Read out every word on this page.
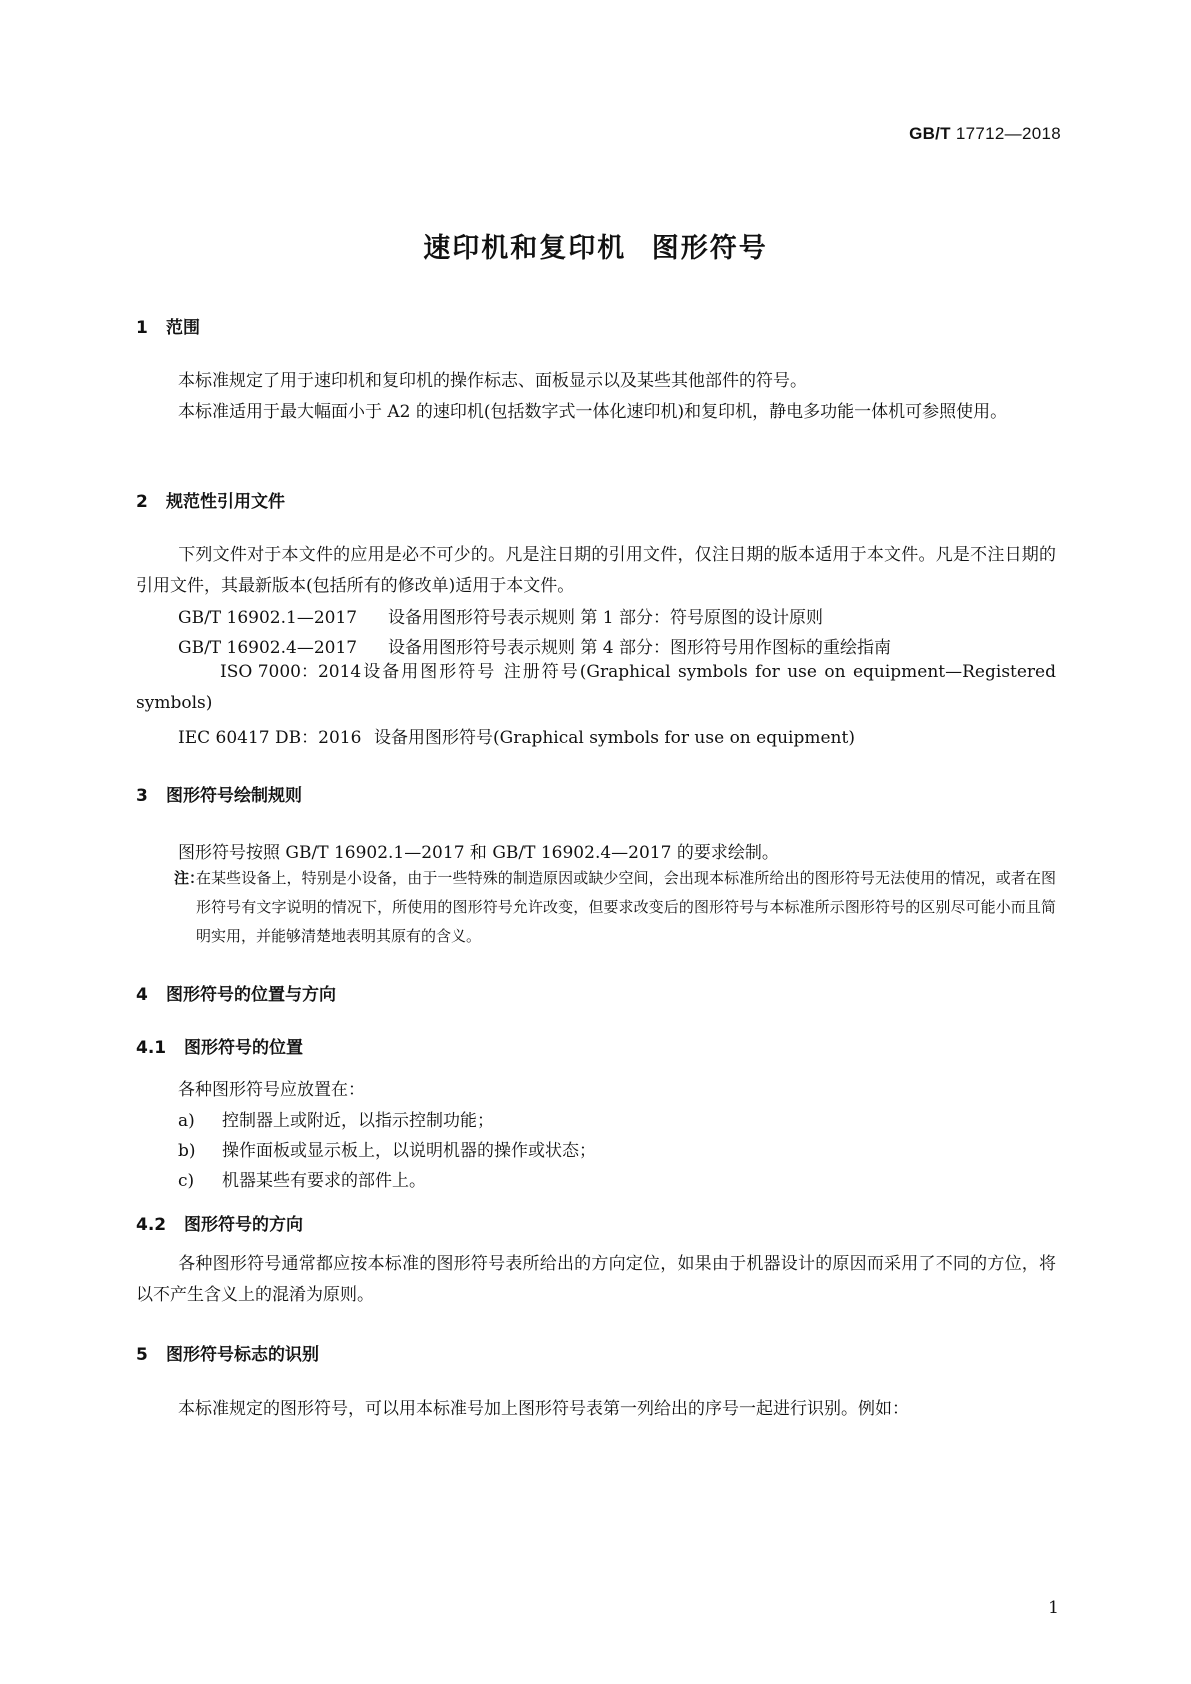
GB/T 17712—2018
速印机和复印机 图形符号
1 范围
本标准规定了用于速印机和复印机的操作标志、面板显示以及某些其他部件的符号。
本标准适用于最大幅面小于 A2 的速印机(包括数字式一体化速印机)和复印机，静电多功能一体机可参照使用。
2 规范性引用文件
下列文件对于本文件的应用是必不可少的。凡是注日期的引用文件，仅注日期的版本适用于本文件。凡是不注日期的引用文件，其最新版本(包括所有的修改单)适用于本文件。
GB/T 16902.1—2017 设备用图形符号表示规则 第 1 部分：符号原图的设计原则
GB/T 16902.4—2017 设备用图形符号表示规则 第 4 部分：图形符号用作图标的重绘指南
ISO 7000：2014设备用图形符号 注册符号(Graphical symbols for use on equipment—Registered symbols)
IEC 60417 DB：2016 设备用图形符号(Graphical symbols for use on equipment)
3 图形符号绘制规则
图形符号按照 GB/T 16902.1—2017 和 GB/T 16902.4—2017 的要求绘制。
注：
在某些设备上，特别是小设备，由于一些特殊的制造原因或缺少空间，会出现本标准所给出的图形符号无法使用的情况，或者在图形符号有文字说明的情况下，所使用的图形符号允许改变，但要求改变后的图形符号与本标准所示图形符号的区别尽可能小而且简明实用，并能够清楚地表明其原有的含义。
4 图形符号的位置与方向
4.1 图形符号的位置
各种图形符号应放置在：
a) 控制器上或附近，以指示控制功能；
b) 操作面板或显示板上，以说明机器的操作或状态；
c) 机器某些有要求的部件上。
4.2 图形符号的方向
各种图形符号通常都应按本标准的图形符号表所给出的方向定位，如果由于机器设计的原因而采用了不同的方位，将以不产生含义上的混淆为原则。
5 图形符号标志的识别
本标准规定的图形符号，可以用本标准号加上图形符号表第一列给出的序号一起进行识别。例如：
1
